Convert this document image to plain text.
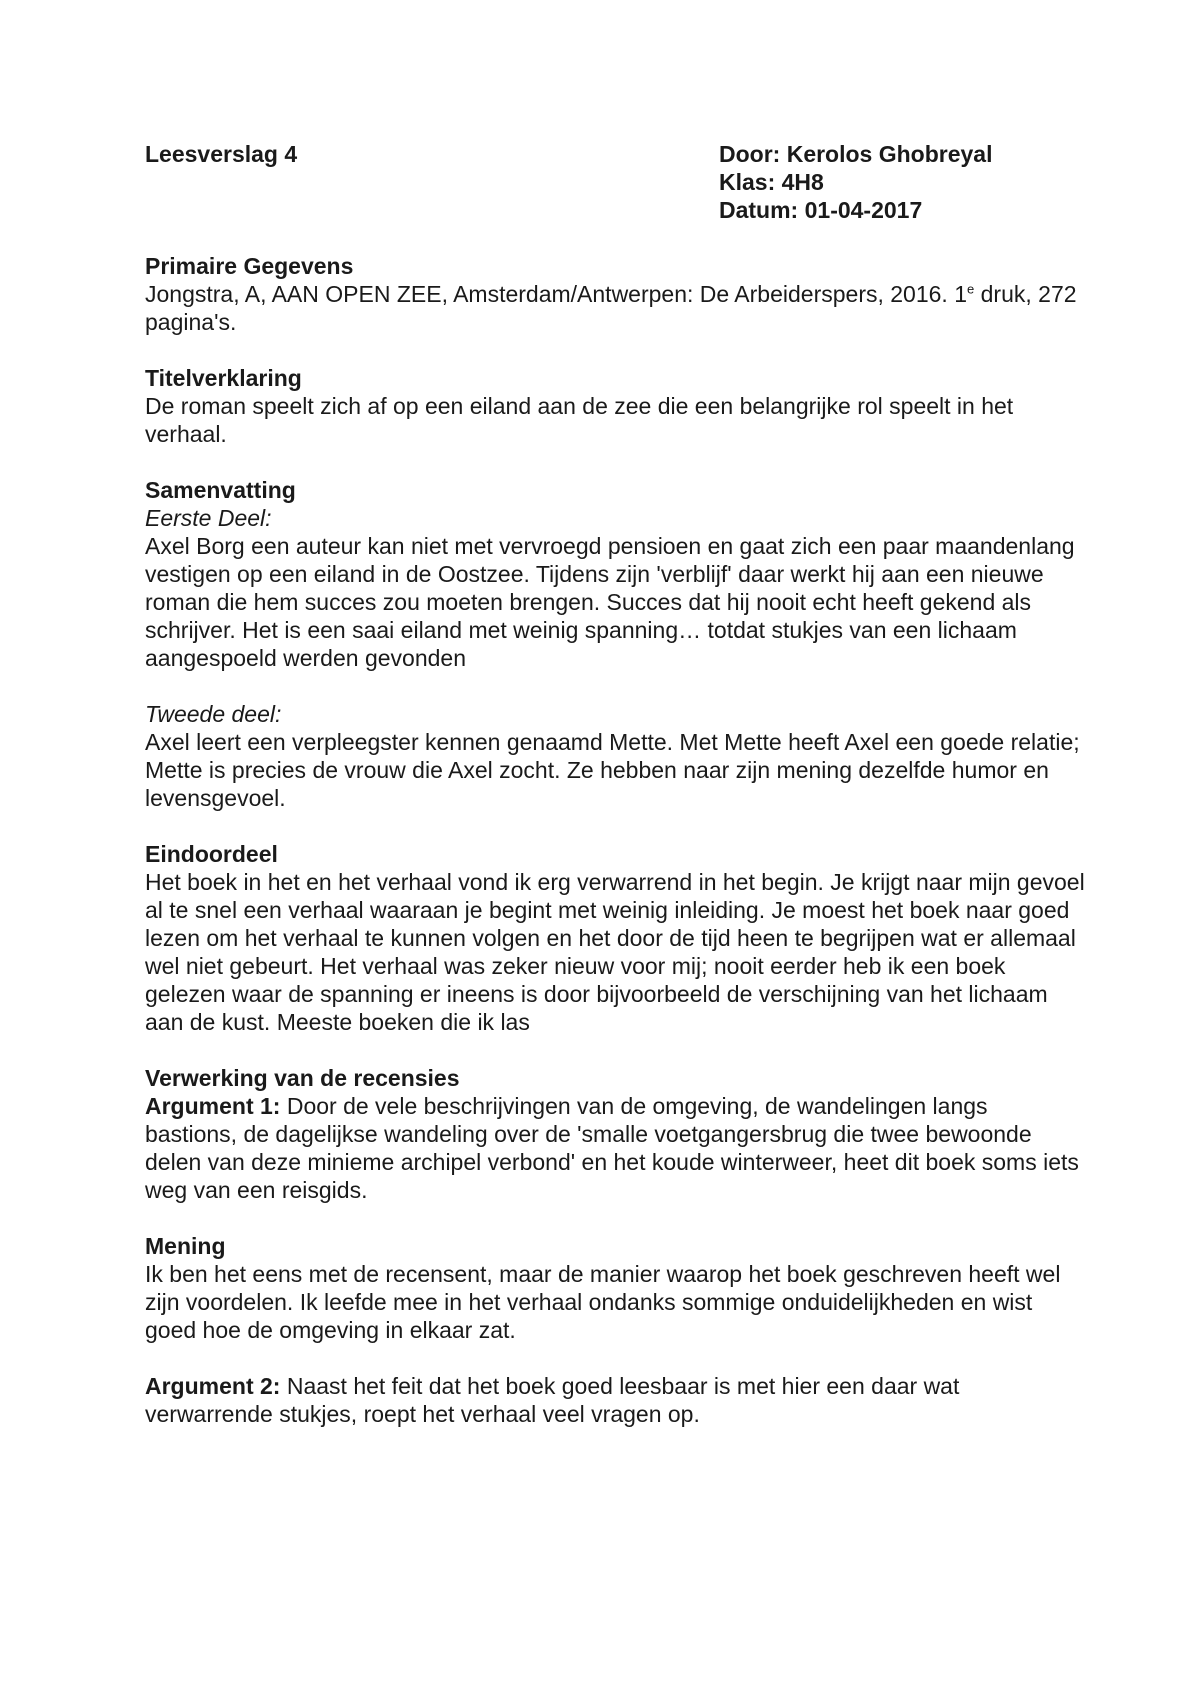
Leesverslag 4	Door: Kerolos Ghobreyal
Klas: 4H8
Datum: 01-04-2017
Primaire Gegevens

Jongstra, A, AAN OPEN ZEE, Amsterdam/Antwerpen: De Arbeiderspers, 2016. 1e druk, 272 pagina's.

Titelverklaring

De roman speelt zich af op een eiland aan de zee die een belangrijke rol speelt in het verhaal.

Samenvatting
Eerste Deel:

Axel Borg een auteur kan niet met vervroegd pensioen en gaat zich een paar maandenlang vestigen op een eiland in de Oostzee. Tijdens zijn 'verblijf' daar werkt hij aan een nieuwe roman die hem succes zou moeten brengen. Succes dat hij nooit echt heeft gekend als schrijver. Het is een saai eiland met weinig spanning… totdat stukjes van een lichaam aangespoeld werden gevonden

Tweede deel:

Axel leert een verpleegster kennen genaamd Mette. Met Mette heeft Axel een goede relatie; Mette is precies de vrouw die Axel zocht. Ze hebben naar zijn mening dezelfde humor en levensgevoel.

Eindoordeel

Het boek in het en het verhaal vond ik erg verwarrend in het begin. Je krijgt naar mijn gevoel al te snel een verhaal waaraan je begint met weinig inleiding. Je moest het boek naar goed lezen om het verhaal te kunnen volgen en het door de tijd heen te begrijpen wat er allemaal wel niet gebeurt. Het verhaal was zeker nieuw voor mij; nooit eerder heb ik een boek gelezen waar de spanning er ineens is door bijvoorbeeld de verschijning van het lichaam aan de kust. Meeste boeken die ik las

Verwerking van de recensies

Argument 1: Door de vele beschrijvingen van de omgeving, de wandelingen langs bastions, de dagelijkse wandeling over de 'smalle voetgangersbrug die twee bewoonde delen van deze minieme archipel verbond' en het koude winterweer, heet dit boek soms iets weg van een reisgids.

Mening

Ik ben het eens met de recensent, maar de manier waarop het boek geschreven heeft wel zijn voordelen. Ik leefde mee in het verhaal ondanks sommige onduidelijkheden en wist goed hoe de omgeving in elkaar zat.

Argument 2: Naast het feit dat het boek goed leesbaar is met hier een daar wat verwarrende stukjes, roept het verhaal veel vragen op.
